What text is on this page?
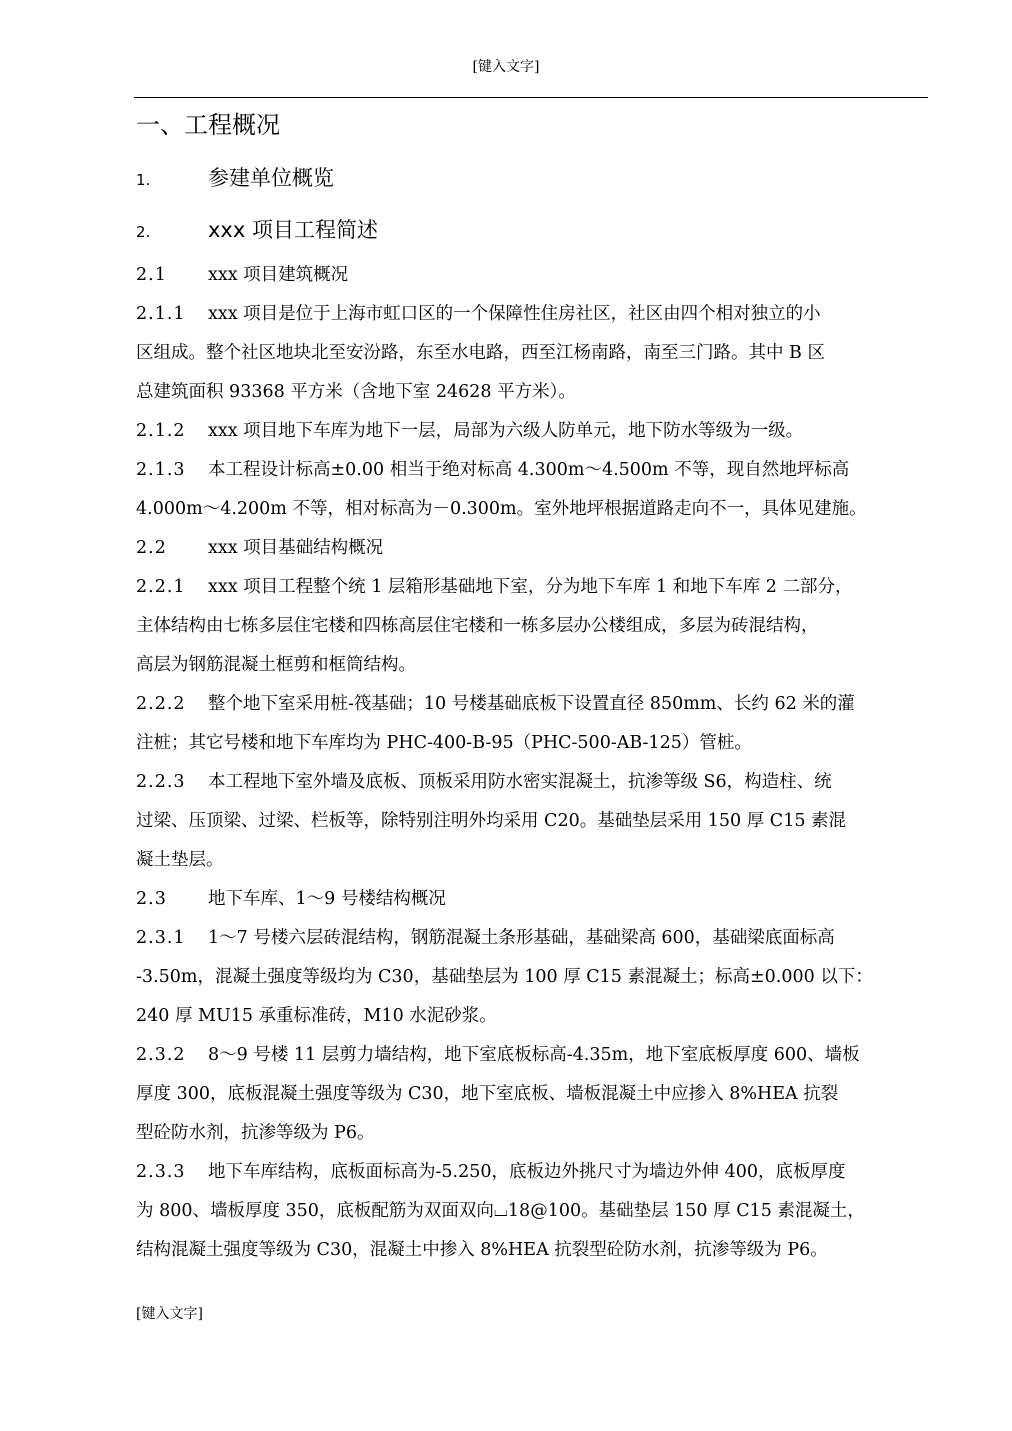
[键入文字]
一、工程概况
1.	参建单位概览
2.	xxx 项目工程简述
2.1 xxx 项目建筑概况
2.1.1 xxx 项目是位于上海市虹口区的一个保障性住房社区，社区由四个相对独立的小
区组成。整个社区地块北至安汾路，东至水电路，西至江杨南路，南至三门路。其中 B 区
总建筑面积 93368 平方米（含地下室 24628 平方米）。
2.1.2 xxx 项目地下车库为地下一层，局部为六级人防单元，地下防水等级为一级。
2.1.3 本工程设计标高±0.00 相当于绝对标高 4.300m～4.500m 不等，现自然地坪标高
4.000m～4.200m 不等，相对标高为－0.300m。室外地坪根据道路走向不一，具体见建施。
2.2 xxx 项目基础结构概况
2.2.1 xxx 项目工程整个统 1 层箱形基础地下室，分为地下车库 1 和地下车库 2 二部分，
主体结构由七栋多层住宅楼和四栋高层住宅楼和一栋多层办公楼组成，多层为砖混结构，
高层为钢筋混凝土框剪和框筒结构。
2.2.2 整个地下室采用桩-筏基础；10 号楼基础底板下设置直径 850mm、长约 62 米的灌
注桩；其它号楼和地下车库均为 PHC-400-B-95（PHC-500-AB-125）管桩。
2.2.3 本工程地下室外墙及底板、顶板采用防水密实混凝土，抗渗等级 S6，构造柱、统
过梁、压顶梁、过梁、栏板等，除特别注明外均采用 C20。基础垫层采用 150 厚 C15 素混
凝土垫层。
2.3 地下车库、1～9 号楼结构概况
2.3.1 1～7 号楼六层砖混结构，钢筋混凝土条形基础，基础梁高 600，基础梁底面标高
-3.50m，混凝土强度等级均为 C30，基础垫层为 100 厚 C15 素混凝土；标高±0.000 以下：
240 厚 MU15 承重标准砖，M10 水泥砂浆。
2.3.2 8～9 号楼 11 层剪力墙结构，地下室底板标高-4.35m，地下室底板厚度 600、墙板
厚度 300，底板混凝土强度等级为 C30，地下室底板、墙板混凝土中应掺入 8%HEA 抗裂
型砼防水剂，抗渗等级为 P6。
2.3.3 地下车库结构，底板面标高为-5.250，底板边外挑尺寸为墙边外伸 400，底板厚度
为 800、墙板厚度 350，底板配筋为双面双向⌴18@100。基础垫层 150 厚 C15 素混凝土，
结构混凝土强度等级为 C30，混凝土中掺入 8%HEA 抗裂型砼防水剂，抗渗等级为 P6。
[键入文字]
